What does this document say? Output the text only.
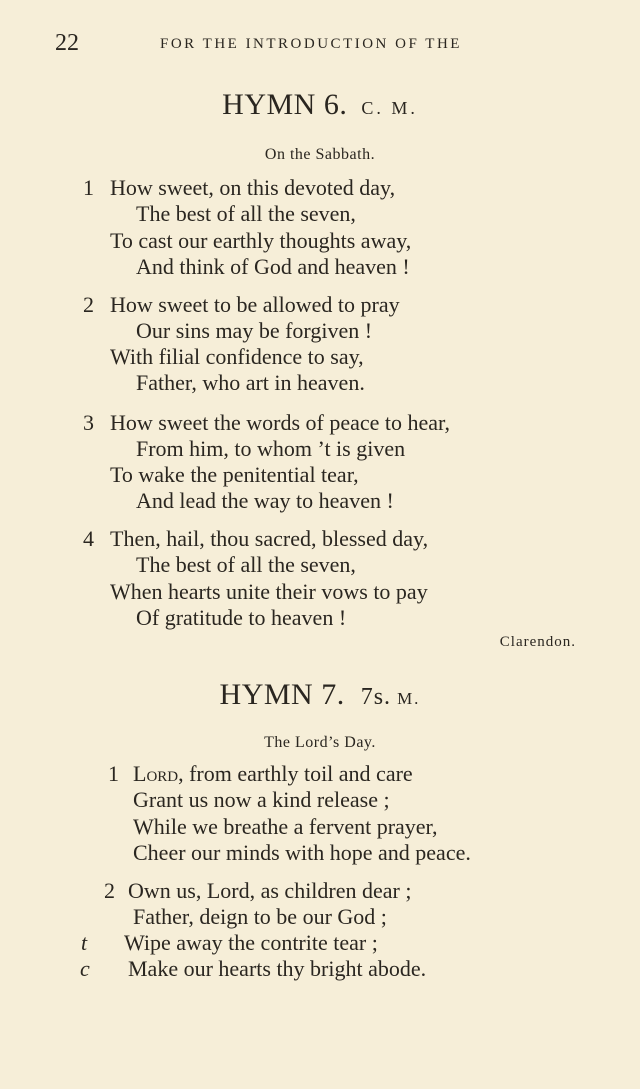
22	FOR THE INTRODUCTION OF THE
HYMN 6. C. M.
On the Sabbath.
1 How sweet, on this devoted day,
The best of all the seven,
To cast our earthly thoughts away,
And think of God and heaven !
2 How sweet to be allowed to pray
Our sins may be forgiven !
With filial confidence to say,
Father, who art in heaven.
3 How sweet the words of peace to hear,
From him, to whom ’t is given
To wake the penitential tear,
And lead the way to heaven !
4 Then, hail, thou sacred, blessed day,
The best of all the seven,
When hearts unite their vows to pay
Of gratitude to heaven !
Clarendon.
HYMN 7. 7s. M.
The Lord’s Day.
1 Lord, from earthly toil and care
Grant us now a kind release ;
While we breathe a fervent prayer,
Cheer our minds with hope and peace.
2 Own us, Lord, as children dear ;
Father, deign to be our God ;
t Wipe away the contrite tear ;
c Make our hearts thy bright abode.
